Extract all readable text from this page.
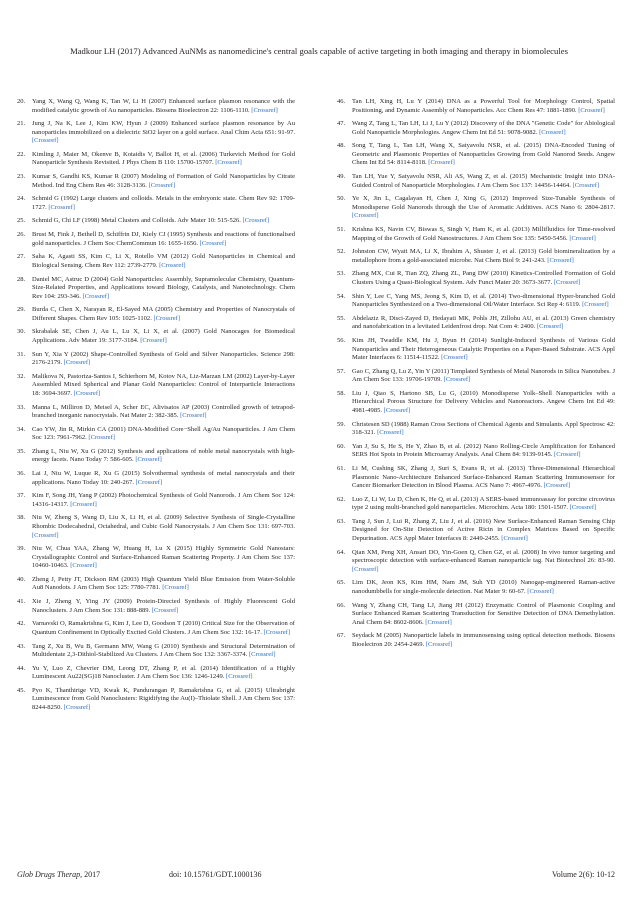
Madkour LH (2017) Advanced AuNMs as nanomedicine's central goals capable of active targeting in both imaging and therapy in biomolecules
20. Yang X, Wang Q, Wang K, Tan W, Li H (2007) Enhanced surface plasmon resonance with the modified catalytic growth of Au nanoparticles. Biosens Bioelectron 22: 1106-1110. [Crossref]
21. Jung J, Na K, Lee J, Kim KW, Hyun J (2009) Enhanced surface plasmon resonance by Au nanoparticles immobilized on a dielectric SiO2 layer on a gold surface. Anal Chim Acta 651: 91-97. [Crossref]
22. Kimling J, Maier M, Okenve B, Kotaidis V, Ballot H, et al. (2006) Turkevich Method for Gold Nanoparticle Synthesis Revisited. J Phys Chem B 110: 15700-15707. [Crossref]
23. Kumar S, Gandhi KS, Kumar R (2007) Modeling of Formation of Gold Nanoparticles by Citrate Method. Ind Eng Chem Res 46: 3128-3136. [Crossref]
24. Schmid G (1992) Large clusters and colloids. Metals in the embryonic state. Chem Rev 92: 1709-1727. [Crossref]
25. Schmid G, Chi LF (1998) Metal Clusters and Colloids. Adv Mater 10: 515-526. [Crossref]
26. Brust M, Fink J, Bethell D, Schiffrin DJ, Kiely CJ (1995) Synthesis and reactions of functionalised gold nanoparticles. J Chem Soc ChemCommun 16: 1655-1656. [Crossref]
27. Saha K, Agasti SS, Kim C, Li X, Rotello VM (2012) Gold Nanoparticles in Chemical and Biological Sensing. Chem Rev 112: 2739-2779. [Crossref]
28. Daniel MC, Astruc D (2004) Gold Nanoparticles: Assembly, Supramolecular Chemistry, Quantum-Size-Related Properties, and Applications toward Biology, Catalysis, and Nanotechnology. Chem Rev 104: 293-346. [Crossref]
29. Burda C, Chen X, Narayan R, El-Sayed MA (2005) Chemistry and Properties of Nanocrystals of Different Shapes. Chem Rev 105: 1025-1102. [Crossref]
30. Skrabalak SE, Chen J, Au L, Lu X, Li X, et al. (2007) Gold Nanocages for Biomedical Applications. Adv Mater 19: 3177-3184. [Crossref]
31. Sun Y, Xia Y (2002) Shape-Controlled Synthesis of Gold and Silver Nanoparticles. Science 298: 2176-2179. [Crossref]
32. Malikova N, Pastoriza-Santos I, Schierhorn M, Kotov NA, Liz-Marzan LM (2002) Layer-by-Layer Assembled Mixed Spherical and Planar Gold Nanoparticles: Control of Interparticle Interactions 18: 3694-3697. [Crossref]
33. Manna L, Milliron D, Meisel A, Scher EC, Alivisatos AP (2003) Controlled growth of tetrapod-branched inorganic nanocrystals. Nat Mater 2: 382-385. [Crossref]
34. Cao YW, Jin R, Mirkin CA (2001) DNA-Modified Core−Shell Ag/Au Nanoparticles. J Am Chem Soc 123: 7961-7962. [Crossref]
35. Zhang L, Niu W, Xu G (2012) Synthesis and applications of noble metal nanocrystals with high-energy facets. Nano Today 7: 586-605. [Crossref]
36. Lai J, Niu W, Luque R, Xu G (2015) Solvothermal synthesis of metal nanocrystals and their applications. Nano Today 10: 240-267. [Crossref]
37. Kim F, Song JH, Yang P (2002) Photochemical Synthesis of Gold Nanorods. J Am Chem Soc 124: 14316-14317. [Crossref]
38. Niu W, Zheng S, Wang D, Liu X, Li H, et al. (2009) Selective Synthesis of Single-Crystalline Rhombic Dodecahedral, Octahedral, and Cubic Gold Nanocrystals. J Am Chem Soc 131: 697-703. [Crossref]
39. Niu W, Chua YAA, Zhang W, Huang H, Lu X (2015) Highly Symmetric Gold Nanostars: Crystallographic Control and Surface-Enhanced Raman Scattering Property. J Am Chem Soc 137: 10460-10463. [Crossref]
40. Zheng J, Petty JT, Dickson RM (2003) High Quantum Yield Blue Emission from Water-Soluble Au8 Nanodots. J Am Chem Soc 125: 7780-7781. [Crossref]
41. Xie J, Zheng Y, Ying JY (2009) Protein-Directed Synthesis of Highly Fluorescent Gold Nanoclusters. J Am Chem Soc 131: 888-889. [Crossref]
42. Varnavski O, Ramakrishna G, Kim J, Lee D, Goodson T (2010) Critical Size for the Observation of Quantum Confinement in Optically Excited Gold Clusters. J Am Chem Soc 132: 16-17. [Crossref]
43. Tang Z, Xu B, Wu B, Germann MW, Wang G (2010) Synthesis and Structural Determination of Multidentate 2,3-Dithiol-Stabilized Au Clusters. J Am Chem Soc 132: 3367-3374. [Crossref]
44. Yu Y, Luo Z, Chevrier DM, Leong DT, Zhang P, et al. (2014) Identification of a Highly Luminescent Au22(SG)18 Nanocluster. J Am Chem Soc 136: 1246-1249. [Crossref]
45. Pyo K, Thanthirige VD, Kwak K, Pandurangan P, Ramakrishna G, et al. (2015) Ultrabright Luminescence from Gold Nanoclusters: Rigidifying the Au(I)–Thiolate Shell. J Am Chem Soc 137: 8244-8250. [Crossref]
46. Tan LH, Xing H, Lu Y (2014) DNA as a Powerful Tool for Morphology Control, Spatial Positioning, and Dynamic Assembly of Nanoparticles. Acc Chem Res 47: 1881-1890. [Crossref]
47. Wang Z, Tang L, Tan LH, Li J, Lu Y (2012) Discovery of the DNA "Genetic Code" for Abiological Gold Nanoparticle Morphologies. Angew Chem Int Ed 51: 9078-9082. [Crossref]
48. Song T, Tang L, Tan LH, Wang X, Satyavolu NSR, et al. (2015) DNA-Encoded Tuning of Geometric and Plasmonic Properties of Nanoparticles Growing from Gold Nanorod Seeds. Angew Chem Int Ed 54: 8114-8118. [Crossref]
49. Tan LH, Yue Y, Satyavolu NSR, Ali AS, Wang Z, et al. (2015) Mechanistic Insight into DNA-Guided Control of Nanoparticle Morphologies. J Am Chem Soc 137: 14456-14464. [Crossref]
50. Ye X, Jin L, Cagalayan H, Chen J, Xing G, (2012) Improved Size-Tunable Synthesis of Monodisperse Gold Nanorods through the Use of Aromatic Additives. ACS Nano 6: 2804-2817. [Crossref]
51. Krishna KS, Navin CV, Biswas S, Singh V, Ham K, et al. (2013) Millifluidics for Time-resolved Mapping of the Growth of Gold Nanostructures. J Am Chem Soc 135: 5450-5456. [Crossref]
52. Johnston CW, Wyatt MA, Li X, Ibrahim A, Shuster J, et al. (2013) Gold biomineralization by a metallophore from a gold-associated microbe. Nat Chem Biol 9: 241-243. [Crossref]
53. Zhang MX, Cui R, Tian ZQ, Zhang ZL, Pang DW (2010) Kinetics-Controlled Formation of Gold Clusters Using a Quasi-Biological System. Adv Funct Mater 20: 3673-3677. [Crossref]
54. Shin Y, Lee C, Yang MS, Jeong S, Kim D, et al. (2014) Two-dimensional Hyper-branched Gold Nanoparticles Synthesized on a Two-dimensional Oil/Water Interface. Sci Rep 4: 6119. [Crossref]
55. Abdelaziz R, Disci-Zayed D, Hedayati MK, Pohls JH, Zillohu AU, et al. (2013) Green chemistry and nanofabrication in a levitated Leidenfrost drop. Nat Com 4: 2400. [Crossref]
56. Kim JH, Twaddle KM, Hu J, Byun H (2014) Sunlight-Induced Synthesis of Various Gold Nanoparticles and Their Heterogeneous Catalytic Properties on a Paper-Based Substrate. ACS Appl Mater Interfaces 6: 11514-11522. [Crossref]
57. Gao C, Zhang Q, Lu Z, Yin Y (2011) Templated Synthesis of Metal Nanorods in Silica Nanotubes. J Am Chem Soc 133: 19706-19709. [Crossref]
58. Liu J, Qiao S, Hartono SB, Lu G, (2010) Monodisperse Yolk–Shell Nanoparticles with a Hierarchical Porous Structure for Delivery Vehicles and Nanoreactors. Angew Chem Int Ed 49: 4981-4985. [Crossref]
59. Christesen SD (1988) Raman Cross Sections of Chemical Agents and Simulants. Appl Spectrosc 42: 318-321. [Crossref]
60. Yan J, Su S, He S, He Y, Zhao B, et al. (2012) Nano Rolling-Circle Amplification for Enhanced SERS Hot Spots in Protein Microarray Analysis. Anal Chem 84: 9139-9145. [Crossref]
61. Li M, Cushing SK, Zhang J, Suri S, Evans R, et al. (2013) Three-Dimensional Hierarchical Plasmonic Nano-Architecture Enhanced Surface-Enhanced Raman Scattering Immunosensor for Cancer Biomarker Detection in Blood Plasma. ACS Nano 7: 4967-4976. [Crossref]
62. Luo Z, Li W, Lu D, Chen K, He Q, et al. (2013) A SERS-based immunoassay for porcine circovirus type 2 using multi-branched gold nanoparticles. Microchim. Acta 180: 1501-1507. [Crossref]
63. Tang J, Sun J, Lui R, Zhang Z, Liu J, et al. (2016) New Surface-Enhanced Raman Sensing Chip Designed for On-Site Detection of Active Ricin in Complex Matrices Based on Specific Depurination. ACS Appl Mater Interfaces 8: 2449-2455. [Crossref]
64. Qian XM, Peng XH, Ansari DO, Yin-Goen Q, Chen GZ, et al. (2008) In vivo tumor targeting and spectroscopic detection with surface-enhanced Raman nanoparticle tag. Nat Biotechnol 26: 83-90. [Crossref]
65. Lim DK, Jeon KS, Kim HM, Nam JM, Suh YD (2010) Nanogap-engineered Raman-active nanodumbbells for single-molecule detection. Nat Mater 9: 60-67. [Crossref]
66. Wang Y, Zhang CH, Tang LJ, Jiang JH (2012) Enzymatic Control of Plasmonic Coupling and Surface Enhanced Raman Scattering Transduction for Sensitive Detection of DNA Demethylation. Anal Chem 84: 8602-8606. [Crossref]
67. Seydack M (2005) Nanoparticle labels in immunosensing using optical detection methods. Biosens Bioelectron 20: 2454-2469. [Crossref]
Glob Drugs Therap, 2017	doi: 10.15761/GDT.1000136	Volume 2(6): 10-12
